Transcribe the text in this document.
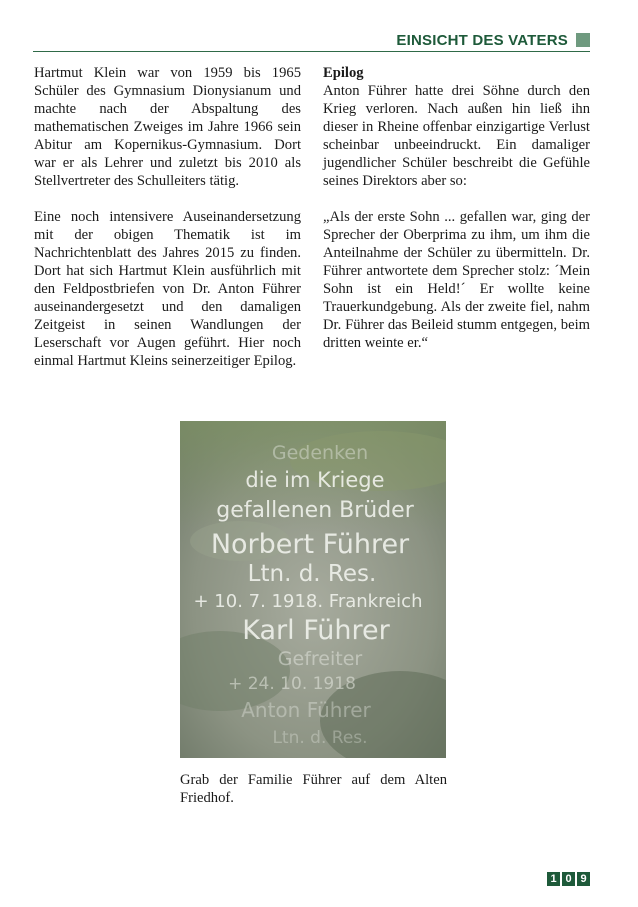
EINSICHT DES VATERS

Hartmut Klein war von 1959 bis 1965 Schüler des Gymnasium Dionysianum und machte nach der Abspaltung des mathematischen Zweiges im Jahre 1966 sein Abitur am Kopernikus-Gymnasium. Dort war er als Lehrer und zuletzt bis 2010 als Stellvertreter des Schulleiters tätig.

Eine noch intensivere Auseinandersetzung mit der obigen Thematik ist im Nachrichtenblatt des Jahres 2015 zu finden. Dort hat sich Hartmut Klein ausführlich mit den Feldpostbriefen von Dr. Anton Führer auseinandergesetzt und den damaligen Zeitgeist in seinen Wandlungen der Leserschaft vor Augen geführt. Hier noch einmal Hartmut Kleins seinerzeitiger Epilog.

Epilog

Anton Führer hatte drei Söhne durch den Krieg verloren. Nach außen hin ließ ihn dieser in Rheine offenbar einzigartige Verlust scheinbar unbeeindruckt. Ein damaliger jugendlicher Schüler beschreibt die Gefühle seines Direktors aber so:

„Als der erste Sohn ... gefallen war, ging der Sprecher der Oberprima zu ihm, um ihm die Anteilnahme der Schüler zu übermitteln. Dr. Führer antwortete dem Sprecher stolz: ´Mein Sohn ist ein Held!´ Er wollte keine Trauerkundgebung. Als der zweite fiel, nahm Dr. Führer das Beileid stumm entgegen, beim dritten weinte er.“

Gedenken
die im Kriege
gefallenen Brüder
Norbert Führer
Ltn. d. Res.
+ 10. 7. 1918. Frankreich
Karl Führer
Gefreiter
+ 24. 10. 1918
Anton Führer
Ltn. d. Res.

Grab der Familie Führer auf dem Alten Friedhof.

1 0 9
